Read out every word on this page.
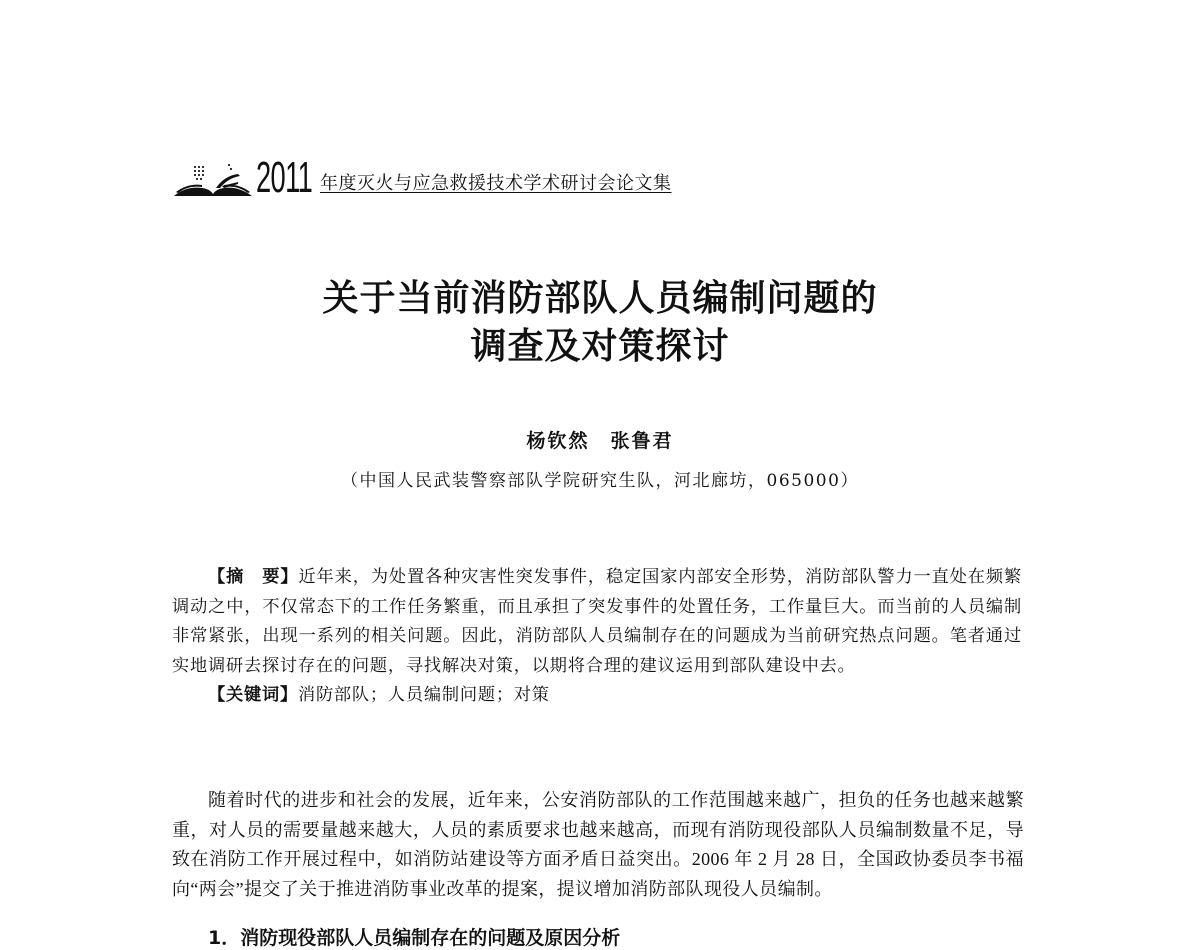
2011 年度灭火与应急救援技术学术研讨会论文集
关于当前消防部队人员编制问题的
调查及对策探讨
杨钦然　张鲁君
（中国人民武装警察部队学院研究生队，河北廊坊，065000）

【摘　要】近年来，为处置各种灾害性突发事件，稳定国家内部安全形势，消防部队警力一直处在频繁调动之中，不仅常态下的工作任务繁重，而且承担了突发事件的处置任务，工作量巨大。而当前的人员编制非常紧张，出现一系列的相关问题。因此，消防部队人员编制存在的问题成为当前研究热点问题。笔者通过实地调研去探讨存在的问题，寻找解决对策，以期将合理的建议运用到部队建设中去。

【关键词】消防部队；人员编制问题；对策

随着时代的进步和社会的发展，近年来，公安消防部队的工作范围越来越广，担负的任务也越来越繁重，对人员的需要量越来越大，人员的素质要求也越来越高，而现有消防现役部队人员编制数量不足，导致在消防工作开展过程中，如消防站建设等方面矛盾日益突出。2006 年 2 月 28 日，全国政协委员李书福向“两会”提交了关于推进消防事业改革的提案，提议增加消防部队现役人员编制。

1．消防现役部队人员编制存在的问题及原因分析
